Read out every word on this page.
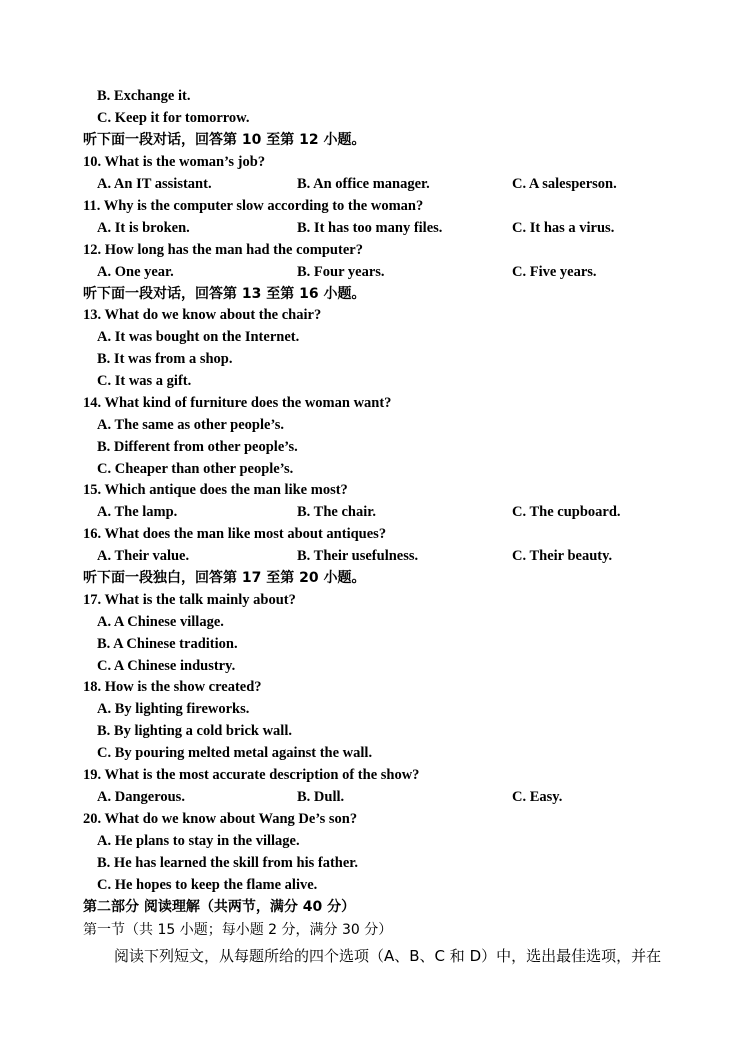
B. Exchange it.
C. Keep it for tomorrow.
听下面一段对话，回答第 10 至第 12 小题。
10. What is the woman’s job?
A. An IT assistant.	B. An office manager.	C. A salesperson.
11. Why is the computer slow according to the woman?
A. It is broken.	B. It has too many files.	C. It has a virus.
12. How long has the man had the computer?
A. One year.	B. Four years.	C. Five years.
听下面一段对话，回答第 13 至第 16 小题。
13. What do we know about the chair?
A. It was bought on the Internet.
B. It was from a shop.
C. It was a gift.
14. What kind of furniture does the woman want?
A. The same as other people’s.
B. Different from other people’s.
C. Cheaper than other people’s.
15. Which antique does the man like most?
A. The lamp.	B. The chair.	C. The cupboard.
16. What does the man like most about antiques?
A. Their value.	B. Their usefulness.	C. Their beauty.
听下面一段独白，回答第 17 至第 20 小题。
17. What is the talk mainly about?
A. A Chinese village.
B. A Chinese tradition.
C. A Chinese industry.
18. How is the show created?
A. By lighting fireworks.
B. By lighting a cold brick wall.
C. By pouring melted metal against the wall.
19. What is the most accurate description of the show?
A. Dangerous.	B. Dull.	C. Easy.
20. What do we know about Wang De’s son?
A. He plans to stay in the village.
B. He has learned the skill from his father.
C. He hopes to keep the flame alive.
第二部分 阅读理解（共两节，满分 40 分）
第一节（共 15 小题；每小题 2 分，满分 30 分）
阅读下列短文，从每题所给的四个选项（A、B、C 和 D）中，选出最佳选项，并在
